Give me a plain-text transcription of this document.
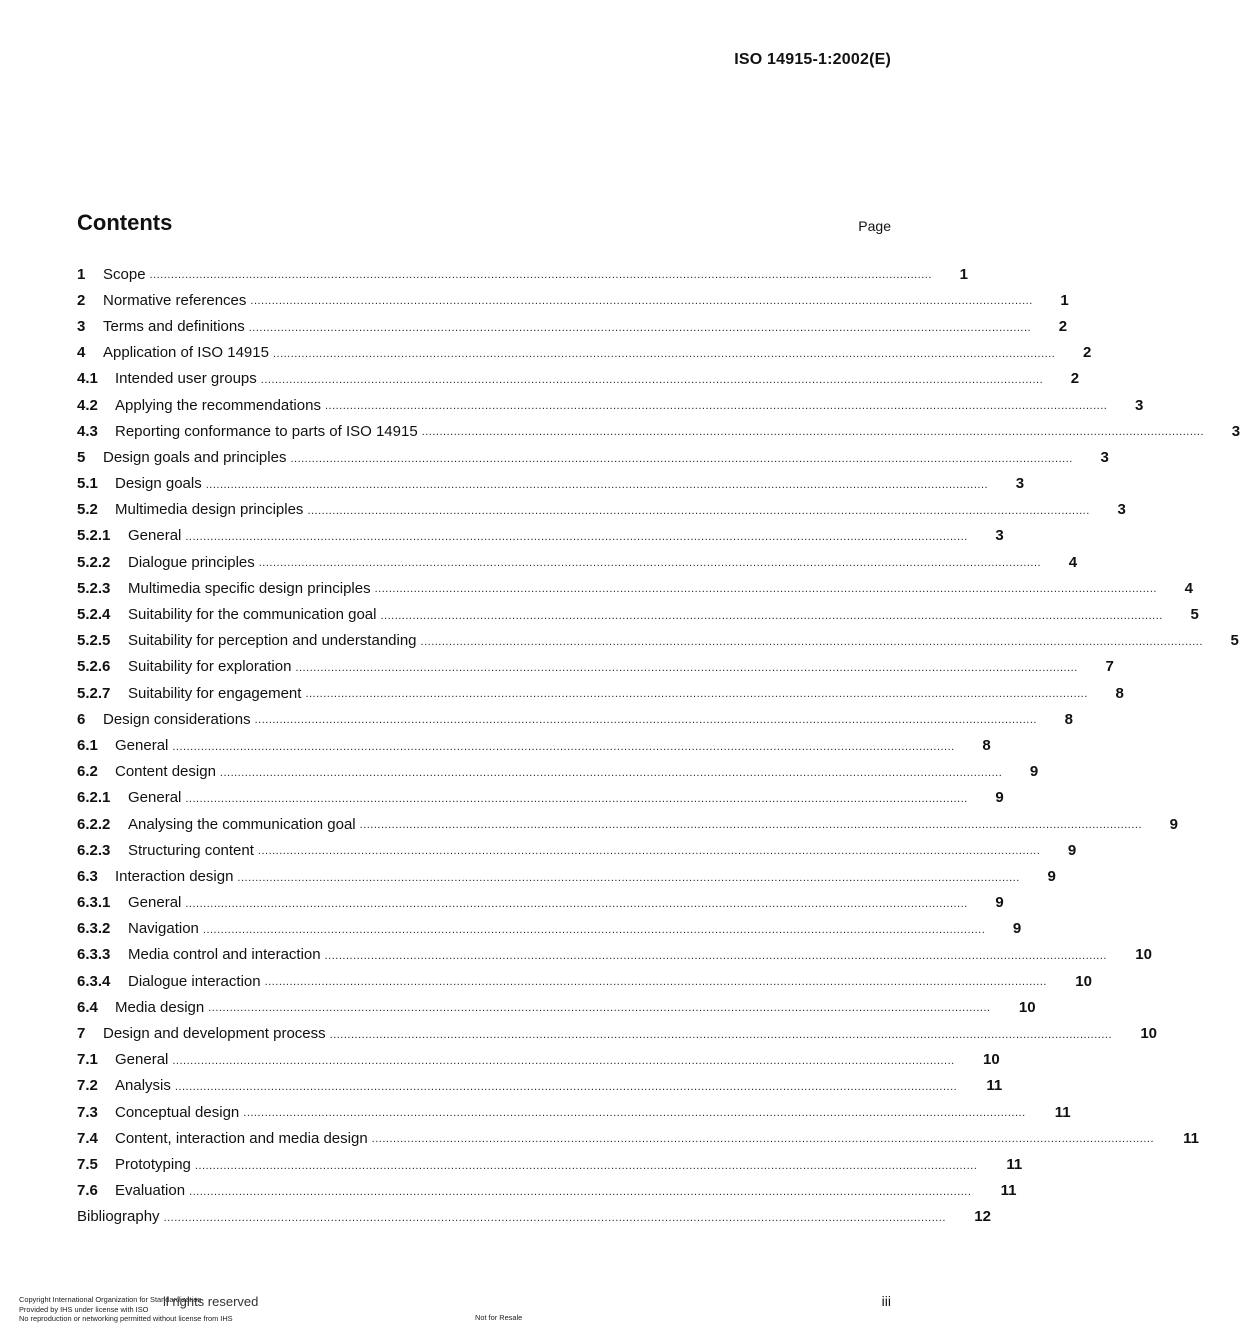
ISO 14915-1:2002(E)
Contents	Page
1	Scope ............................................................................................................................................................................................................................	1
2	Normative references ............................................................................................................................................................................................................................	1
3	Terms and definitions ............................................................................................................................................................................................................................	2
4	Application of ISO 14915 ............................................................................................................................................................................................................................	2
4.1	Intended user groups ............................................................................................................................................................................................................................	2
4.2	Applying the recommendations ............................................................................................................................................................................................................................	3
4.3	Reporting conformance to parts of ISO 14915 ............................................................................................................................................................................................................................	3
5	Design goals and principles ............................................................................................................................................................................................................................	3
5.1	Design goals ............................................................................................................................................................................................................................	3
5.2	Multimedia design principles ............................................................................................................................................................................................................................	3
5.2.1	General ............................................................................................................................................................................................................................	3
5.2.2	Dialogue principles ............................................................................................................................................................................................................................	4
5.2.3	Multimedia specific design principles ............................................................................................................................................................................................................................	4
5.2.4	Suitability for the communication goal ............................................................................................................................................................................................................................	5
5.2.5	Suitability for perception and understanding ............................................................................................................................................................................................................................	5
5.2.6	Suitability for exploration ............................................................................................................................................................................................................................	7
5.2.7	Suitability for engagement ............................................................................................................................................................................................................................	8
6	Design considerations ............................................................................................................................................................................................................................	8
6.1	General ............................................................................................................................................................................................................................	8
6.2	Content design ............................................................................................................................................................................................................................	9
6.2.1	General ............................................................................................................................................................................................................................	9
6.2.2	Analysing the communication goal ............................................................................................................................................................................................................................	9
6.2.3	Structuring content ............................................................................................................................................................................................................................	9
6.3	Interaction design ............................................................................................................................................................................................................................	9
6.3.1	General ............................................................................................................................................................................................................................	9
6.3.2	Navigation ............................................................................................................................................................................................................................	9
6.3.3	Media control and interaction ............................................................................................................................................................................................................................	10
6.3.4	Dialogue interaction ............................................................................................................................................................................................................................	10
6.4	Media design ............................................................................................................................................................................................................................	10
7	Design and development process ............................................................................................................................................................................................................................	10
7.1	General ............................................................................................................................................................................................................................	10
7.2	Analysis ............................................................................................................................................................................................................................	11
7.3	Conceptual design ............................................................................................................................................................................................................................	11
7.4	Content, interaction and media design ............................................................................................................................................................................................................................	11
7.5	Prototyping ............................................................................................................................................................................................................................	11
7.6	Evaluation ............................................................................................................................................................................................................................	11
Bibliography ............................................................................................................................................................................................................................	12
Copyright International Organization for Standardization
Provided by IHS under license with ISO
No reproduction or networking permitted without license from IHS
ll rights reserved
Not for Resale
iii
